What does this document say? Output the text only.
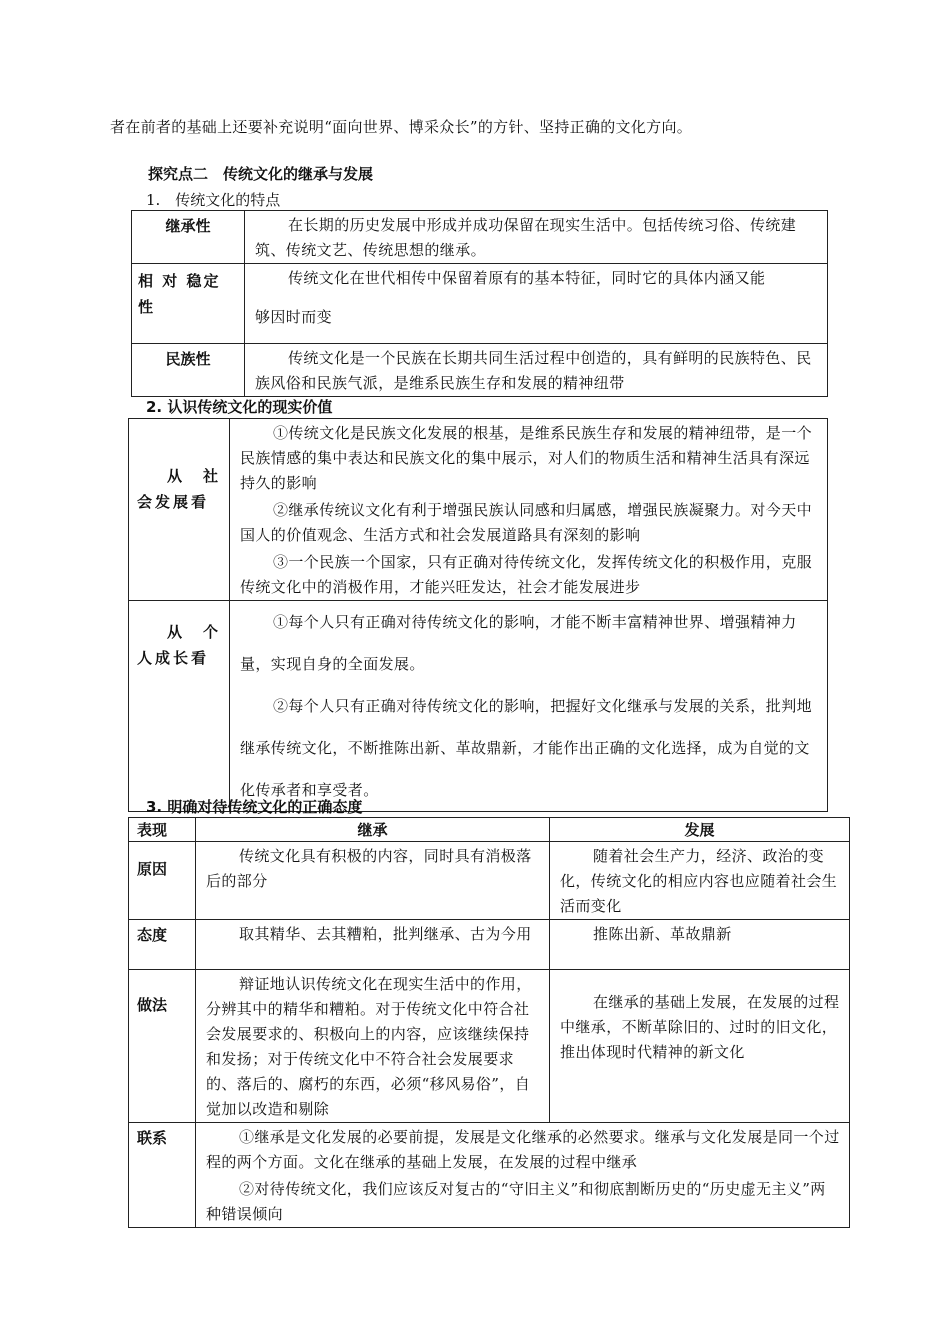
者在前者的基础上还要补充说明“面向世界、博采众长”的方针、坚持正确的文化方向。
探究点二　传统文化的继承与发展
1.　传统文化的特点
继承性	在长期的历史发展中形成并成功保留在现实生活中。包括传统习俗、传统建筑、传统文艺、传统思想的继承。

相 对 稳定性	传统文化在世代相传中保留着原有的基本特征，同时它的具体内涵又能
够因时而变

民族性	传统文化是一个民族在长期共同生活过程中创造的，具有鲜明的民族特色、民族风俗和民族气派，是维系民族生存和发展的精神纽带
2. 认识传统文化的现实价值
从　社会发展看	①传统文化是民族文化发展的根基，是维系民族生存和发展的精神纽带，是一个民族情感的集中表达和民族文化的集中展示，对人们的物质生活和精神生活具有深远持久的影响
②继承传统议文化有利于增强民族认同感和归属感，增强民族凝聚力。对今天中国人的价值观念、生活方式和社会发展道路具有深刻的影响
③一个民族一个国家，只有正确对待传统文化，发挥传统文化的积极作用，克服传统文化中的消极作用，才能兴旺发达，社会才能发展进步

从　个人成长看	①每个人只有正确对待传统文化的影响，才能不断丰富精神世界、增强精神力量，实现自身的全面发展。
②每个人只有正确对待传统文化的影响，把握好文化继承与发展的关系，批判地继承传统文化，不断推陈出新、革故鼎新，才能作出正确的文化选择，成为自觉的文化传承者和享受者。
3. 明确对待传统文化的正确态度
表现	继承	发展

原因	传统文化具有积极的内容，同时具有消极落后的部分	随着社会生产力，经济、政治的变化，传统文化的相应内容也应随着社会生活而变化

态度	取其精华、去其糟粕，批判继承、古为今用	推陈出新、革故鼎新

做法	辩证地认识传统文化在现实生活中的作用，分辨其中的精华和糟粕。对于传统文化中符合社会发展要求的、积极向上的内容，应该继续保持和发扬；对于传统文化中不符合社会发展要求的、落后的、腐朽的东西，必须“移风易俗”，自觉加以改造和剔除	在继承的基础上发展，在发展的过程中继承，不断革除旧的、过时的旧文化，推出体现时代精神的新文化

联系	①继承是文化发展的必要前提，发展是文化继承的必然要求。继承与文化发展是同一个过程的两个方面。文化在继承的基础上发展，在发展的过程中继承
②对待传统文化，我们应该反对复古的“守旧主义”和彻底割断历史的“历史虚无主义”两种错误倾向	
